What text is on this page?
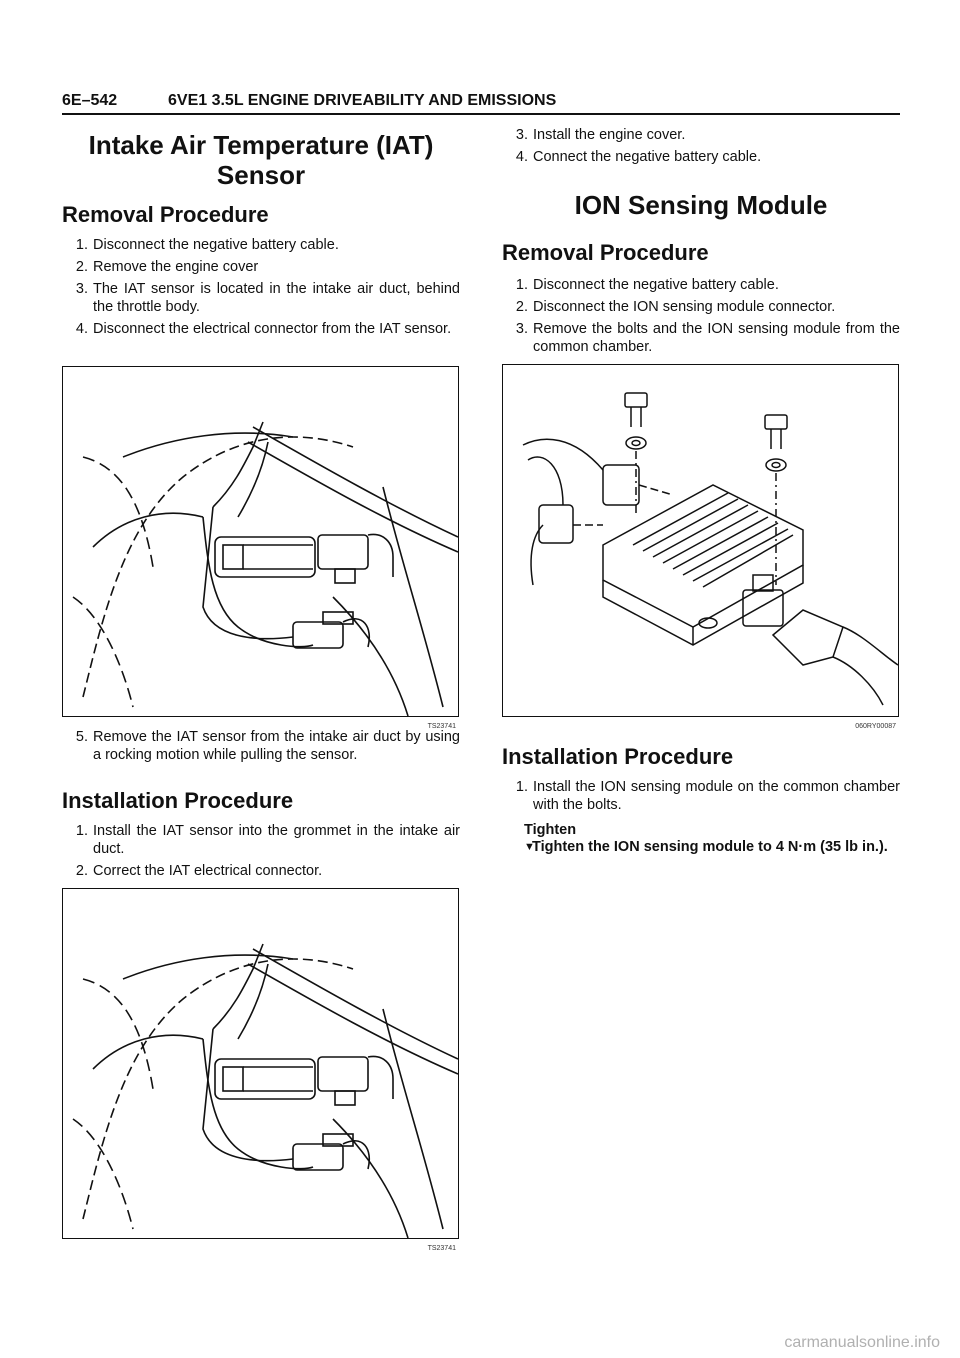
6E–542	6VE1 3.5L ENGINE DRIVEABILITY AND EMISSIONS
Intake Air Temperature (IAT) Sensor
Removal Procedure
1. Disconnect the negative battery cable.
2. Remove the engine cover
3. The IAT sensor is located in the intake air duct, behind the throttle body.
4. Disconnect the electrical connector from the IAT sensor.
5. Remove the IAT sensor from the intake air duct by using a rocking motion while pulling the sensor.
Installation Procedure
1. Install the IAT sensor into the grommet in the intake air duct.
2. Correct the IAT electrical connector.
TS23741
TS23741
3. Install the engine cover.
4. Connect the negative battery cable.
ION Sensing Module
Removal Procedure
1. Disconnect the negative battery cable.
2. Disconnect the ION sensing module connector.
3. Remove the bolts and the ION sensing module from the common chamber.
Installation Procedure
1. Install the ION sensing module on the common chamber with the bolts.
Tighten
▼
Tighten the ION sensing module to 4 N·m (35 lb in.).
060RY00087
carmanualsonline.info
